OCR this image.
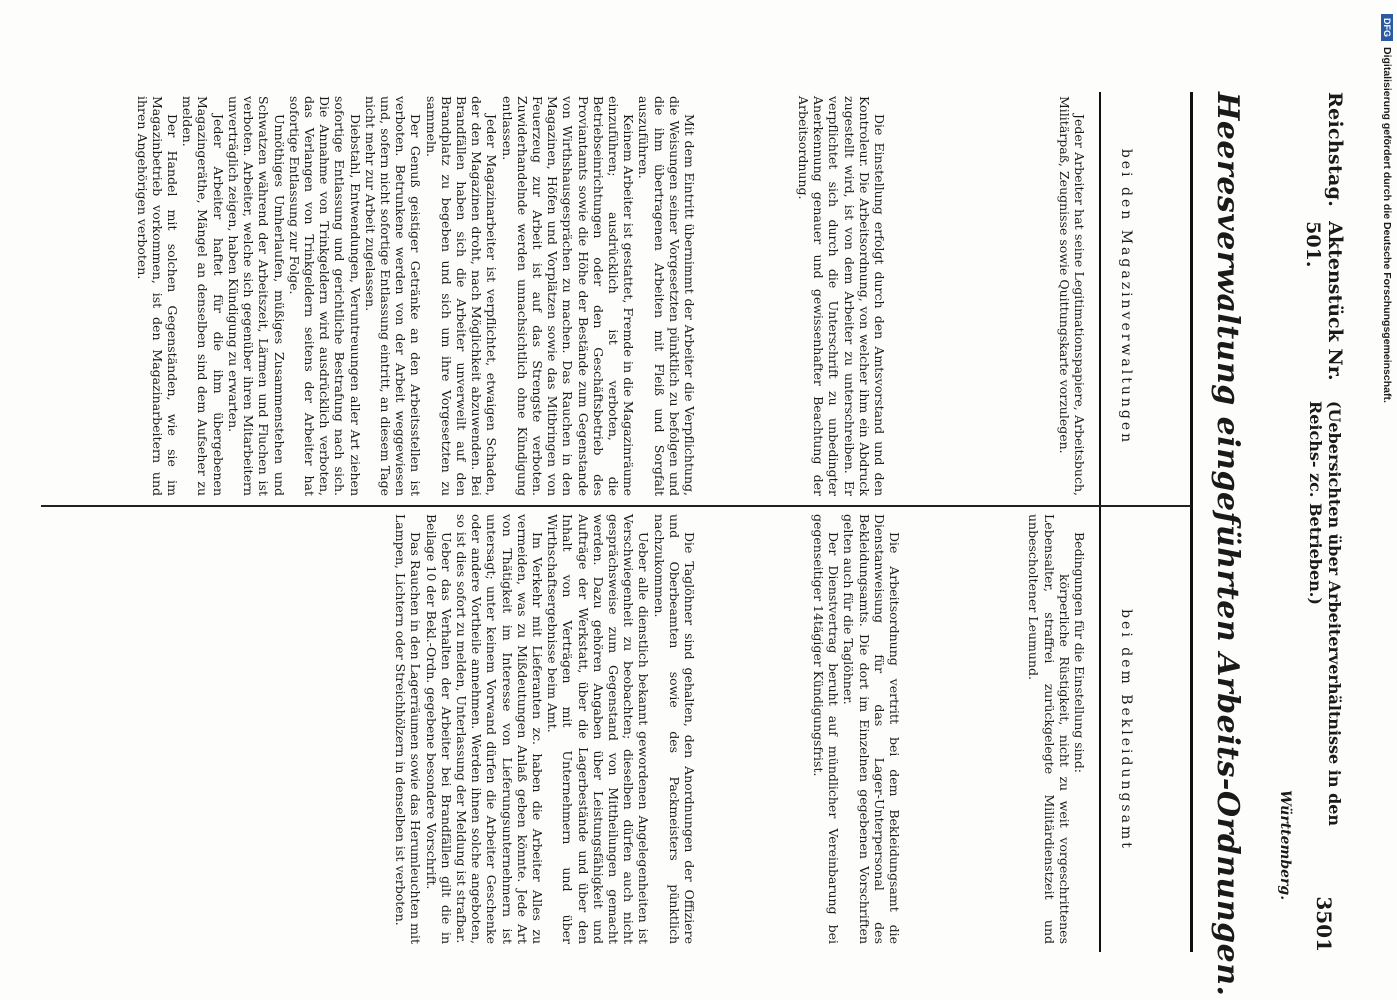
Reichstag.
Aktenstück Nr. 501.
(Uebersichten über Arbeiterverhältnisse in den Reichs- zc. Betrieben.)
3501
Württemberg.
Heeresverwaltung eingeführten Arbeits-Ordnungen.
bei den Magazinverwaltungen
bei dem Bekleidungsamt

Jeder Arbeiter hat seine Legitimationspapiere, Arbeitsbuch, Militärpaß, Zeugnisse sowie Quittungskarte vorzulegen.

Die Einstellung erfolgt durch den Amtsvorstand und den Kontroleur. Die Arbeitsordnung, von welcher ihm ein Abdruck zugestellt wird, ist von dem Arbeiter zu unterschreiben. Er verpflichtet sich durch die Unterschrift zu unbedingter Anerkennung genauer und gewissenhafter Beachtung der Arbeitsordnung.

Mit dem Eintritt übernimmt der Arbeiter die Verpflichtung, die Weisungen seiner Vorgesetzten pünktlich zu befolgen und die ihm übertragenen Arbeiten mit Fleiß und Sorgfalt auszuführen.

Keinem Arbeiter ist gestattet, Fremde in die Magazinräume einzuführen; ausdrücklich ist verboten, die Betriebseinrichtungen oder den Geschäftsbetrieb des Proviantamts sowie die Höhe der Bestände zum Gegenstande von Wirthshausgesprächen zu machen. Das Rauchen in den Magazinen, Höfen und Vorplätzen sowie das Mitbringen von Feuerzeug zur Arbeit ist auf das Strengste verboten. Zuwiderhandelnde werden unnachsichtlich ohne Kündigung entlassen.

Jeder Magazinarbeiter ist verpflichtet, etwaigen Schaden, der den Magazinen droht, nach Möglichkeit abzuwenden. Bei Brandfällen haben sich die Arbeiter unverweilt auf den Brandplatz zu begeben und sich um ihre Vorgesetzten zu sammeln.

Der Genuß geistiger Getränke an den Arbeitsstellen ist verboten. Betrunkene werden von der Arbeit weggewiesen und, sofern nicht sofortige Entlassung eintritt, an diesem Tage nicht mehr zur Arbeit zugelassen.

Diebstahl, Entwendungen, Veruntreuungen aller Art ziehen sofortige Entlassung und gerichtliche Bestrafung nach sich. Die Annahme von Trinkgeldern wird ausdrücklich verboten, das Verlangen von Trinkgeldern seitens der Arbeiter hat sofortige Entlassung zur Folge.

Unnöthiges Umherlaufen, müßiges Zusammenstehen und Schwatzen während der Arbeitszeit, Lärmen und Fluchen ist verboten. Arbeiter, welche sich gegenüber ihren Mitarbeitern unverträglich zeigen, haben Kündigung zu erwarten.

Jeder Arbeiter haftet für die ihm übergebenen Magazingeräthe, Mängel an denselben sind dem Aufseher zu melden.

Der Handel mit solchen Gegenständen, wie sie im Magazinbetrieb vorkommen, ist den Magazinarbeitern und ihren Angehörigen verboten.

Bedingungen für die Einstellung sind:

körperliche Rüstigkeit, nicht zu weit vorgeschrittenes Lebensalter, straffrei zurückgelegte Militärdienstzeit und unbescholtener Leumund.

Die Arbeitsordnung vertritt bei dem Bekleidungsamt die Dienstanweisung für das Lager-Unterpersonal des Bekleidungsamts. Die dort im Einzelnen gegebenen Vorschriften gelten auch für die Taglöhner.

Der Dienstvertrag beruht auf mündlicher Vereinbarung bei gegenseitiger 14tägiger Kündigungsfrist.

Die Taglöhner sind gehalten, den Anordnungen der Offiziere und Oberbeamten sowie des Packmeisters pünktlich nachzukommen.

Ueber alle dienstlich bekannt gewordenen Angelegenheiten ist Verschwiegenheit zu beobachten; dieselben dürfen auch nicht gesprächsweise zum Gegenstand von Mittheilungen gemacht werden. Dazu gehören Angaben über Leistungsfähigkeit und Aufträge der Werkstatt, über die Lagerbestände und über den Inhalt von Verträgen mit Unternehmern und über Wirthschaftsergebnisse beim Amt.

Im Verkehr mit Lieferanten zc. haben die Arbeiter Alles zu vermeiden, was zu Mißdeutungen Anlaß geben könnte. Jede Art von Thätigkeit im Interesse von Lieferungsunternehmern ist untersagt; unter keinem Vorwand dürfen die Arbeiter Geschenke oder andere Vortheile annehmen. Werden ihnen solche angeboten, so ist dies sofort zu melden, Unterlassung der Meldung ist strafbar.

Ueber das Verhalten der Arbeiter bei Brandfällen gilt die in Beilage 10 der Bekl.-Ordn. gegebene besondere Vorschrift.

Das Rauchen in den Lagerräumen sowie das Herumleuchten mit Lampen, Lichtern oder Streichhölzern in denselben ist verboten.

DFG
Digitalisierung gefördert durch die Deutsche Forschungsgemeinschaft.
